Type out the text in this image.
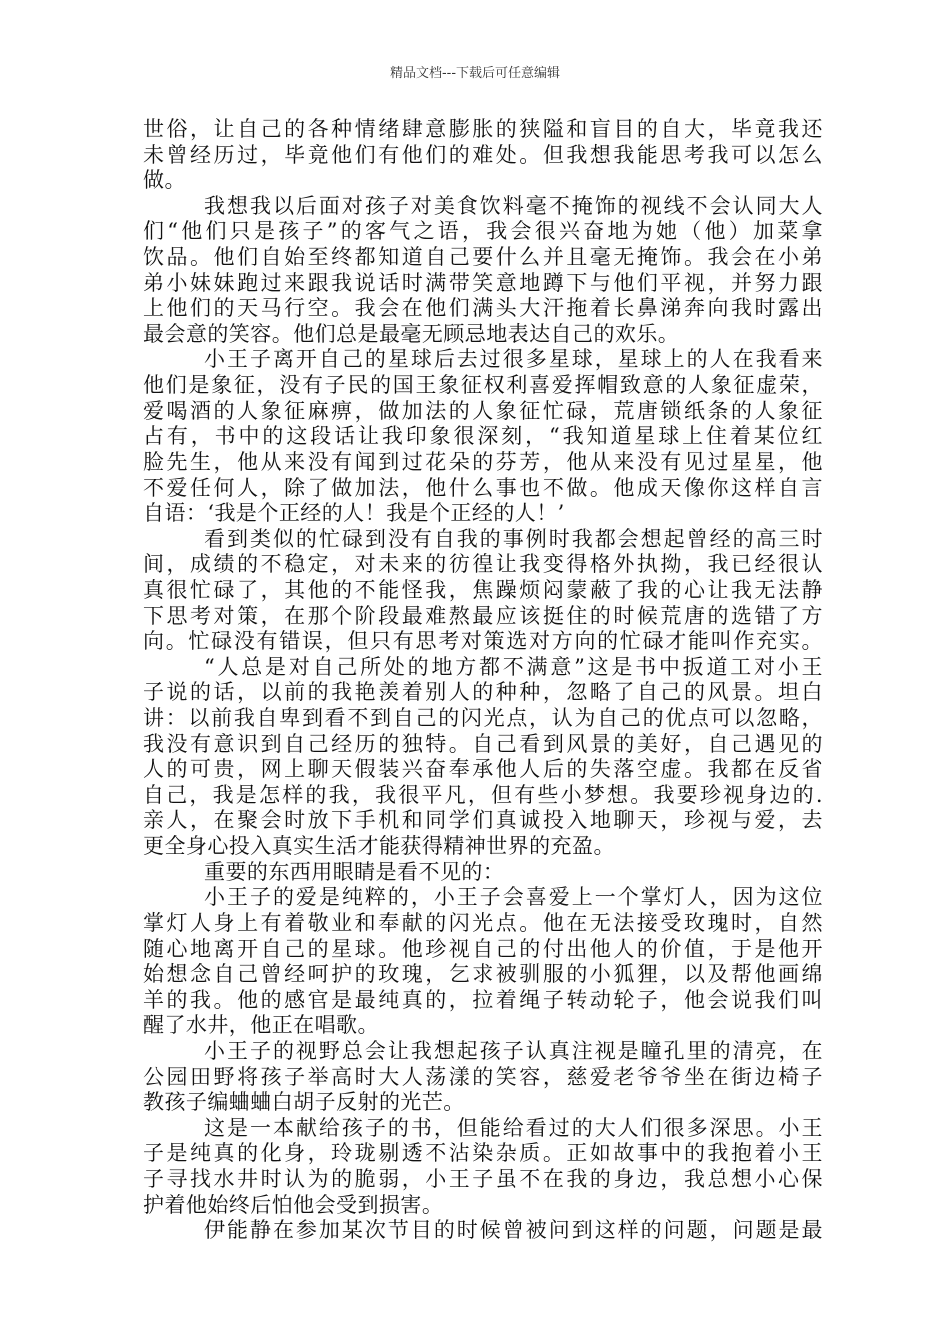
精品文档---下载后可任意编辑
世俗，让自己的各种情绪肆意膨胀的狭隘和盲目的自大，毕竟我还
未曾经历过，毕竟他们有他们的难处。但我想我能思考我可以怎么
做。
我想我以后面对孩子对美食饮料毫不掩饰的视线不会认同大人
们“他们只是孩子”的客气之语，我会很兴奋地为她（他）加菜拿
饮品。他们自始至终都知道自己要什么并且毫无掩饰。我会在小弟
弟小妹妹跑过来跟我说话时满带笑意地蹲下与他们平视，并努力跟
上他们的天马行空。我会在他们满头大汗拖着长鼻涕奔向我时露出
最会意的笑容。他们总是最毫无顾忌地表达自己的欢乐。
小王子离开自己的星球后去过很多星球，星球上的人在我看来
他们是象征，没有子民的国王象征权利喜爱挥帽致意的人象征虚荣，
爱喝酒的人象征麻痹，做加法的人象征忙碌，荒唐锁纸条的人象征
占有，书中的这段话让我印象很深刻，“我知道星球上住着某位红
脸先生，他从来没有闻到过花朵的芬芳，他从来没有见过星星，他
不爱任何人，除了做加法，他什么事也不做。他成天像你这样自言
自语：‘我是个正经的人！我是个正经的人！’
看到类似的忙碌到没有自我的事例时我都会想起曾经的高三时
间，成绩的不稳定，对未来的彷徨让我变得格外执拗，我已经很认
真很忙碌了，其他的不能怪我，焦躁烦闷蒙蔽了我的心让我无法静
下思考对策，在那个阶段最难熬最应该挺住的时候荒唐的选错了方
向。忙碌没有错误，但只有思考对策选对方向的忙碌才能叫作充实。
“人总是对自己所处的地方都不满意”这是书中扳道工对小王
子说的话，以前的我艳羡着别人的种种，忽略了自己的风景。坦白
讲：以前我自卑到看不到自己的闪光点，认为自己的优点可以忽略，
我没有意识到自己经历的独特。自己看到风景的美好，自己遇见的
人的可贵，网上聊天假装兴奋奉承他人后的失落空虚。我都在反省
自己，我是怎样的我，我很平凡，但有些小梦想。我要珍视身边的.
亲人，在聚会时放下手机和同学们真诚投入地聊天，珍视与爱，去
更全身心投入真实生活才能获得精神世界的充盈。
重要的东西用眼睛是看不见的：
小王子的爱是纯粹的，小王子会喜爱上一个掌灯人，因为这位
掌灯人身上有着敬业和奉献的闪光点。他在无法接受玫瑰时，自然
随心地离开自己的星球。他珍视自己的付出他人的价值，于是他开
始想念自己曾经呵护的玫瑰，乞求被驯服的小狐狸，以及帮他画绵
羊的我。他的感官是最纯真的，拉着绳子转动轮子，他会说我们叫
醒了水井，他正在唱歌。
小王子的视野总会让我想起孩子认真注视是瞳孔里的清亮，在
公园田野将孩子举高时大人荡漾的笑容，慈爱老爷爷坐在街边椅子
教孩子编蛐蛐白胡子反射的光芒。
这是一本献给孩子的书，但能给看过的大人们很多深思。小王
子是纯真的化身，玲珑剔透不沾染杂质。正如故事中的我抱着小王
子寻找水井时认为的脆弱，小王子虽不在我的身边，我总想小心保
护着他始终后怕他会受到损害。
伊能静在参加某次节目的时候曾被问到这样的问题，问题是最
